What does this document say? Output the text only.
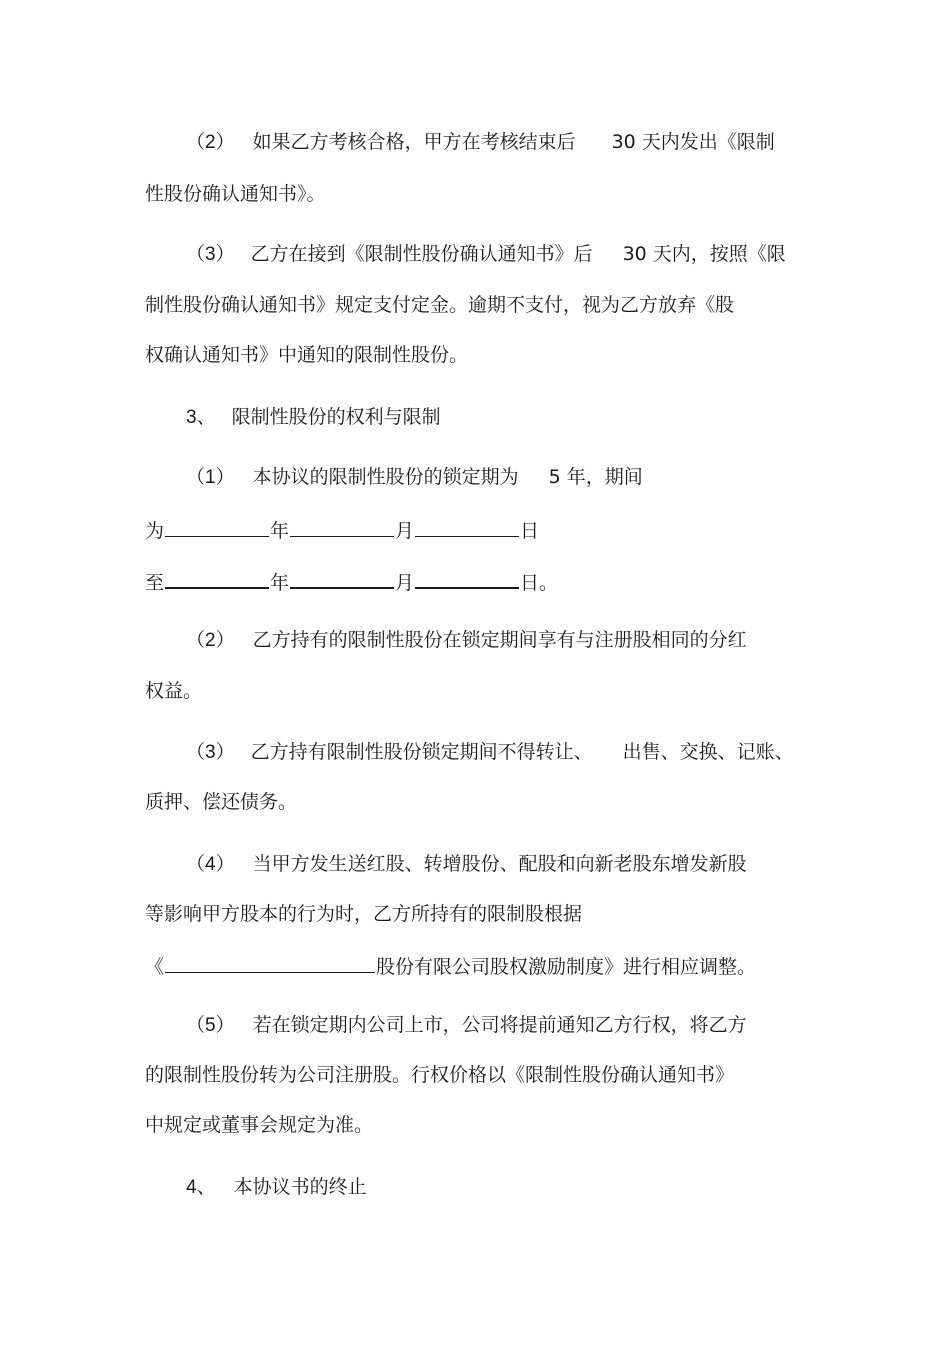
（2） 如果乙方考核合格，甲方在考核结束后 30 天内发出《限制
性股份确认通知书》。
（3） 乙方在接到《限制性股份确认通知书》后 30 天内，按照《限
制性股份确认通知书》规定支付定金。逾期不支付，视为乙方放弃《股
权确认通知书》中通知的限制性股份。
3、 限制性股份的权利与限制
（1） 本协议的限制性股份的锁定期为 5 年，期间
为	年	月	日
至	年	月	日。
（2） 乙方持有的限制性股份在锁定期间享有与注册股相同的分红
权益。
（3） 乙方持有限制性股份锁定期间不得转让、 出售、交换、记账、
质押、偿还债务。
（4） 当甲方发生送红股、转增股份、配股和向新老股东增发新股
等影响甲方股本的行为时，乙方所持有的限制股根据
《	股份有限公司股权激励制度》进行相应调整。
（5） 若在锁定期内公司上市，公司将提前通知乙方行权，将乙方
的限制性股份转为公司注册股。行权价格以《限制性股份确认通知书》
中规定或董事会规定为准。
4、 本协议书的终止
